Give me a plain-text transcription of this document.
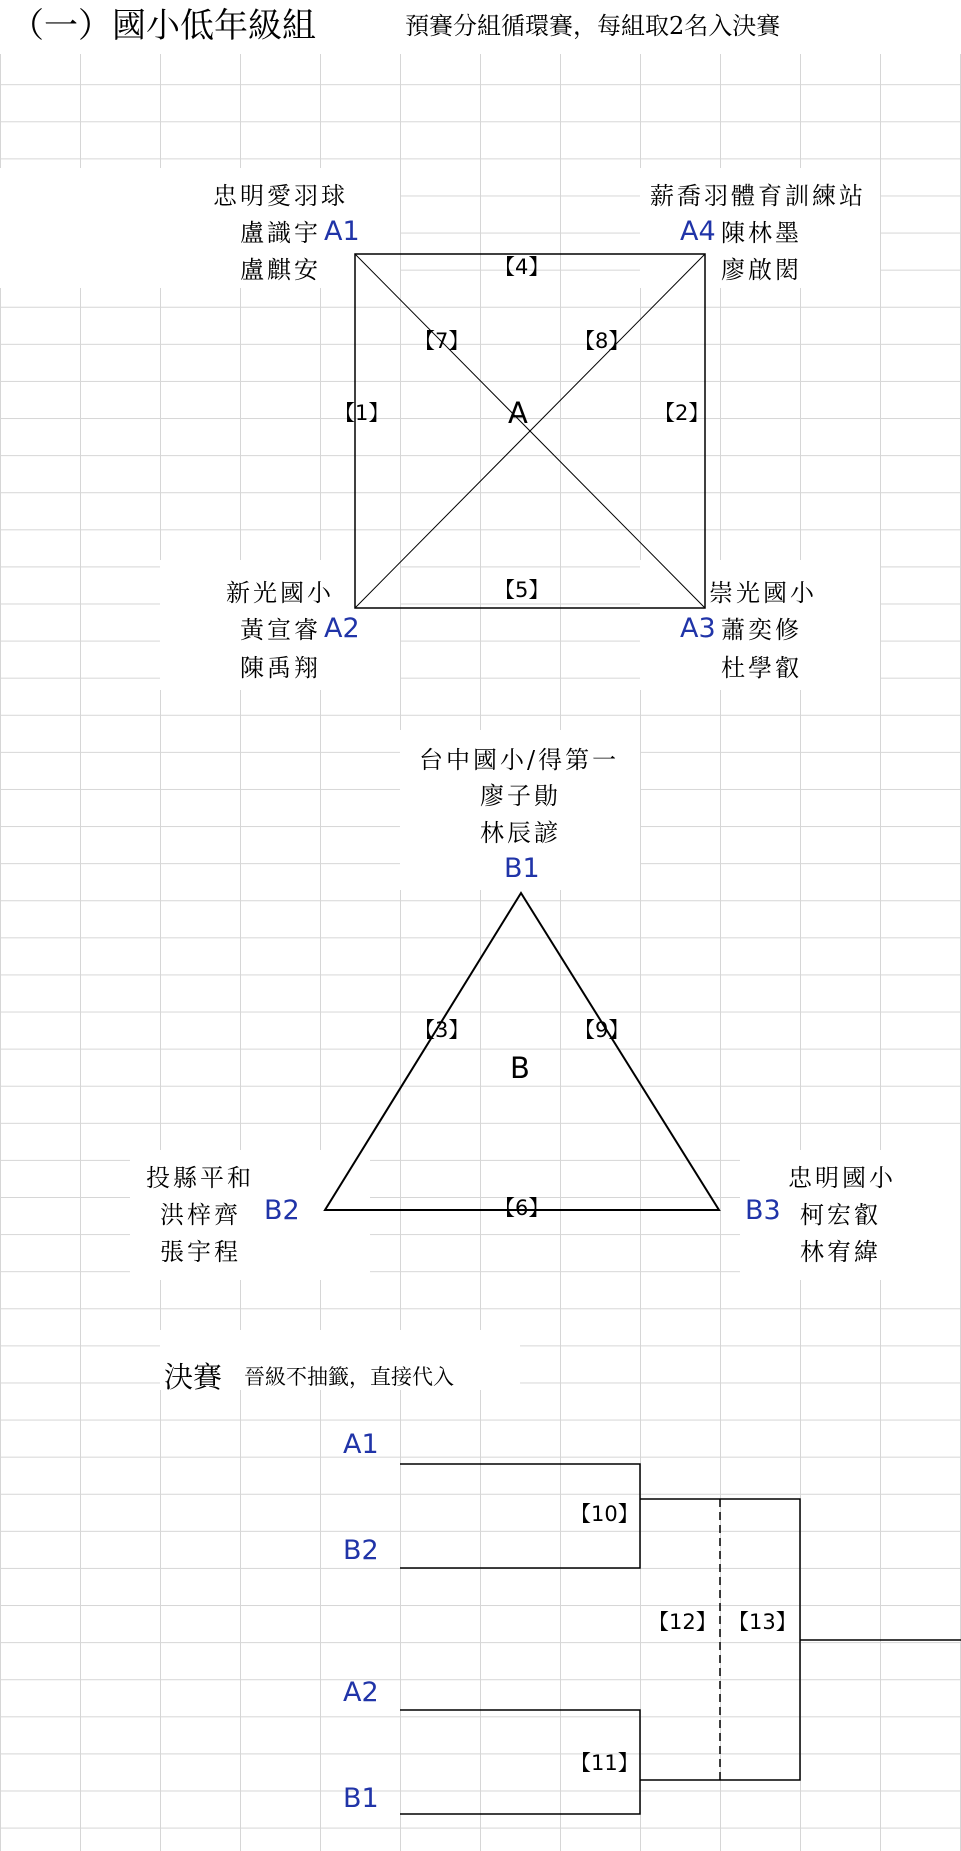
（一）國小低年級組	預賽分組循環賽，每組取2名入決賽
A
忠明愛羽球
盧識宇
盧麒安
A1
薪喬羽體育訓練站
A4 陳林墨
廖啟閎
新光國小
黃宣睿
陳禹翔
A2
崇光國小
A3 蕭奕修
杜學叡
【4】
【7】	【8】
【1】	【2】
【5】
B
台中國小/得第一
廖子勛
林辰諺
B1
投縣平和
洪梓齊
張宇程
B2
忠明國小
B3 柯宏叡
林宥緯
【3】	【9】
【6】
決賽 晉級不抽籤，直接代入
A1
B2
A2
B1
【10】
【11】
【12】 【13】
